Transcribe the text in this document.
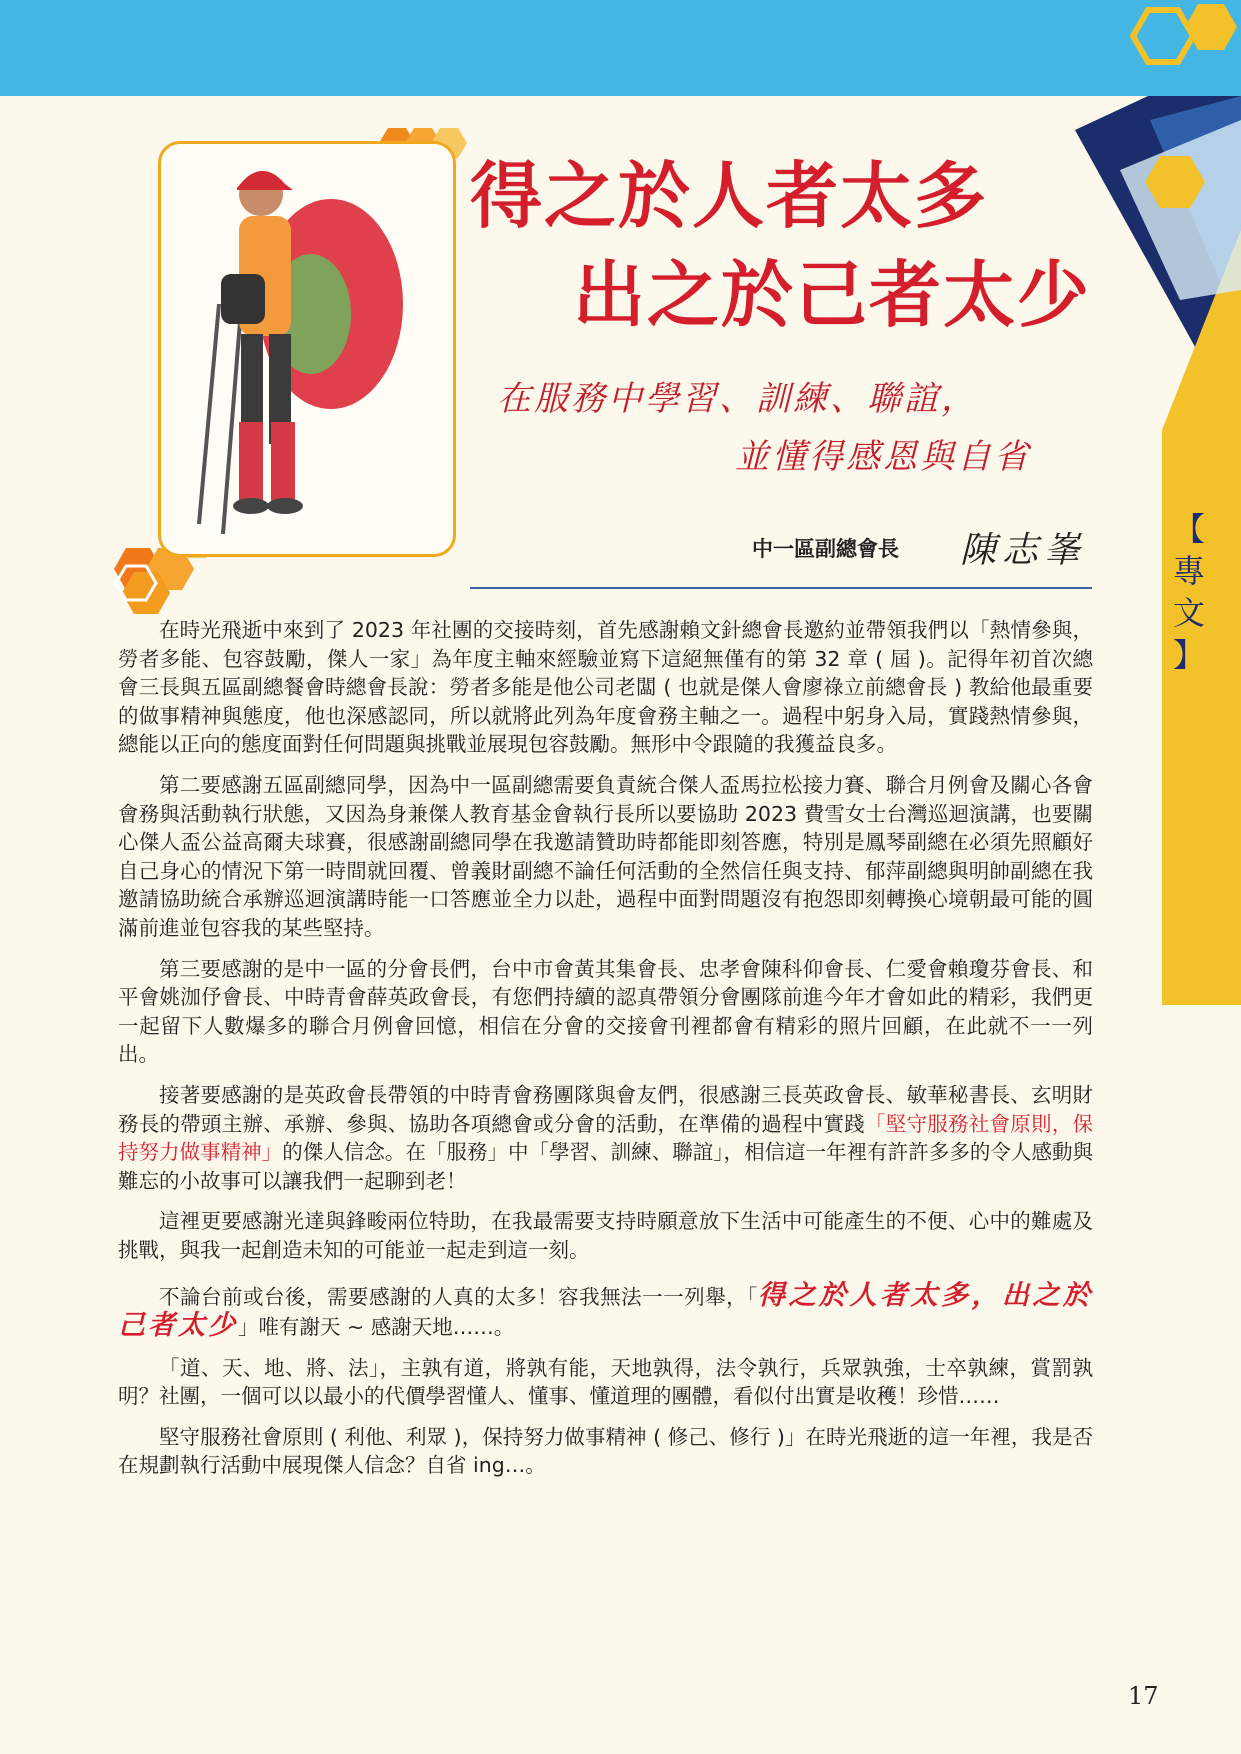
得之於人者太多
出之於己者太少

在服務中學習、訓練、聯誼，

並懂得感恩與自省

中一區副總會長 陳志峯
【
專
文
】

在時光飛逝中來到了 2023 年社團的交接時刻，首先感謝賴文針總會長邀約並帶領我們以「熱情參與，勞者多能、包容鼓勵，傑人一家」為年度主軸來經驗並寫下這絕無僅有的第 32 章 ( 屆 )。記得年初首次總會三長與五區副總餐會時總會長說：勞者多能是他公司老闆 ( 也就是傑人會廖祿立前總會長 ) 教給他最重要的做事精神與態度，他也深感認同，所以就將此列為年度會務主軸之一。過程中躬身入局，實踐熱情參與，總能以正向的態度面對任何問題與挑戰並展現包容鼓勵。無形中令跟隨的我獲益良多。

第二要感謝五區副總同學，因為中一區副總需要負責統合傑人盃馬拉松接力賽、聯合月例會及關心各會會務與活動執行狀態，又因為身兼傑人教育基金會執行長所以要協助 2023 費雪女士台灣巡迴演講，也要關心傑人盃公益高爾夫球賽，很感謝副總同學在我邀請贊助時都能即刻答應，特別是鳳琴副總在必須先照顧好自己身心的情況下第一時間就回覆、曾義財副總不論任何活動的全然信任與支持、郁萍副總與明帥副總在我邀請協助統合承辦巡迴演講時能一口答應並全力以赴，過程中面對問題沒有抱怨即刻轉換心境朝最可能的圓滿前進並包容我的某些堅持。

第三要感謝的是中一區的分會長們，台中市會黃其集會長、忠孝會陳科仰會長、仁愛會賴瓊芬會長、和平會姚泇伃會長、中時青會薛英政會長，有您們持續的認真帶領分會團隊前進今年才會如此的精彩，我們更一起留下人數爆多的聯合月例會回憶，相信在分會的交接會刊裡都會有精彩的照片回顧，在此就不一一列出。

接著要感謝的是英政會長帶領的中時青會務團隊與會友們，很感謝三長英政會長、敏華秘書長、玄明財務長的帶頭主辦、承辦、參與、協助各項總會或分會的活動，在準備的過程中實踐「堅守服務社會原則，保持努力做事精神」的傑人信念。在「服務」中「學習、訓練、聯誼」，相信這一年裡有許許多多的令人感動與難忘的小故事可以讓我們一起聊到老！

這裡更要感謝光達與鋒畯兩位特助，在我最需要支持時願意放下生活中可能產生的不便、心中的難處及挑戰，與我一起創造未知的可能並一起走到這一刻。

不論台前或台後，需要感謝的人真的太多！容我無法一一列舉，「得之於人者太多，出之於己者太少」唯有謝天 ~ 感謝天地……。

「道、天、地、將、法」，主孰有道，將孰有能，天地孰得，法令孰行，兵眾孰強，士卒孰練，賞罰孰明？社團，一個可以以最小的代價學習懂人、懂事、懂道理的團體，看似付出實是收穫！珍惜……

堅守服務社會原則 ( 利他、利眾 )，保持努力做事精神 ( 修己、修行 )」在時光飛逝的這一年裡，我是否在規劃執行活動中展現傑人信念？自省 ing…。

17
